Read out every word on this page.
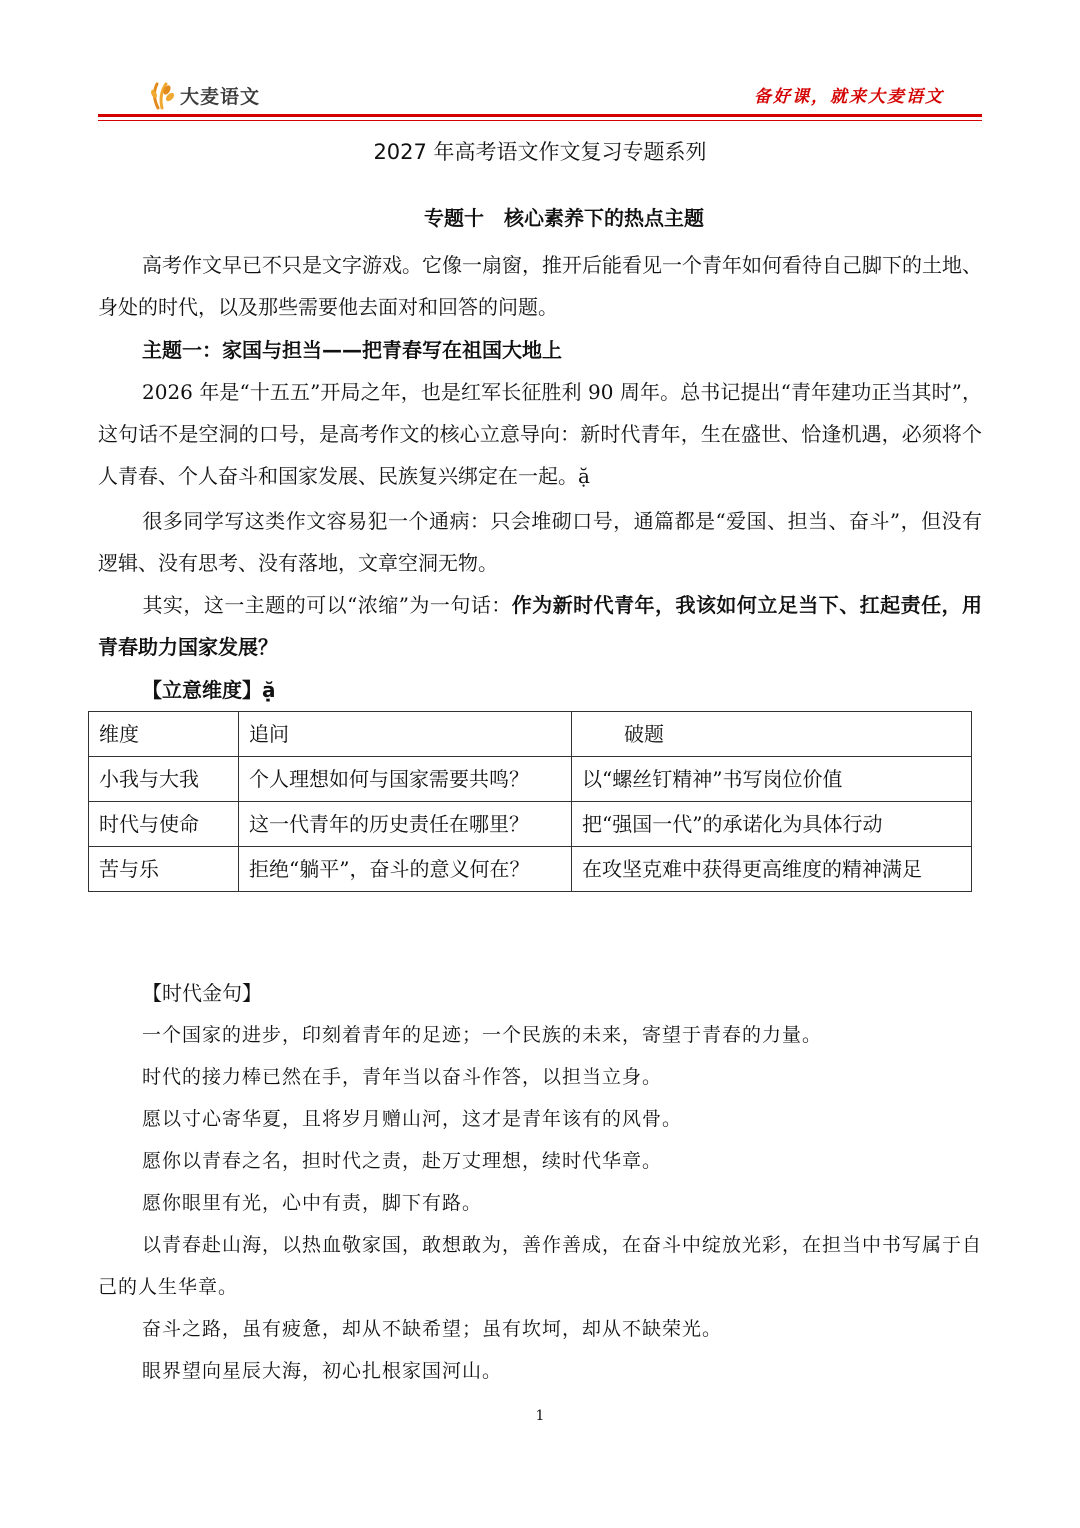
大麦语文	备好课，就来大麦语文
2027 年高考语文作文复习专题系列
专题十　核心素养下的热点主题
高考作文早已不只是文字游戏。它像一扇窗，推开后能看见一个青年如何看待自己脚下的土地、身处的时代，以及那些需要他去面对和回答的问题。
主题一：家国与担当——把青春写在祖国大地上
2026 年是“十五五”开局之年，也是红军长征胜利 90 周年。总书记提出“青年建功正当其时”，这句话不是空洞的口号，是高考作文的核心立意导向：新时代青年，生在盛世、恰逢机遇，必须将个人青春、个人奋斗和国家发展、民族复兴绑定在一起。ặ
很多同学写这类作文容易犯一个通病：只会堆砌口号，通篇都是“爱国、担当、奋斗”，但没有逻辑、没有思考、没有落地，文章空洞无物。
其实，这一主题的可以“浓缩”为一句话：作为新时代青年，我该如何立足当下、扛起责任，用青春助力国家发展？
【立意维度】ặ
维度	追问	破题
小我与大我	个人理想如何与国家需要共鸣？	以“螺丝钉精神”书写岗位价值
时代与使命	这一代青年的历史责任在哪里？	把“强国一代”的承诺化为具体行动
苦与乐	拒绝“躺平”，奋斗的意义何在？	在攻坚克难中获得更高维度的精神满足
【时代金句】
一个国家的进步，印刻着青年的足迹；一个民族的未来，寄望于青春的力量。
时代的接力棒已然在手，青年当以奋斗作答，以担当立身。
愿以寸心寄华夏，且将岁月赠山河，这才是青年该有的风骨。
愿你以青春之名，担时代之责，赴万丈理想，续时代华章。
愿你眼里有光，心中有责，脚下有路。
以青春赴山海，以热血敬家国，敢想敢为，善作善成，在奋斗中绽放光彩，在担当中书写属于自己的人生华章。
奋斗之路，虽有疲惫，却从不缺希望；虽有坎坷，却从不缺荣光。
眼界望向星辰大海，初心扎根家国河山。
1
